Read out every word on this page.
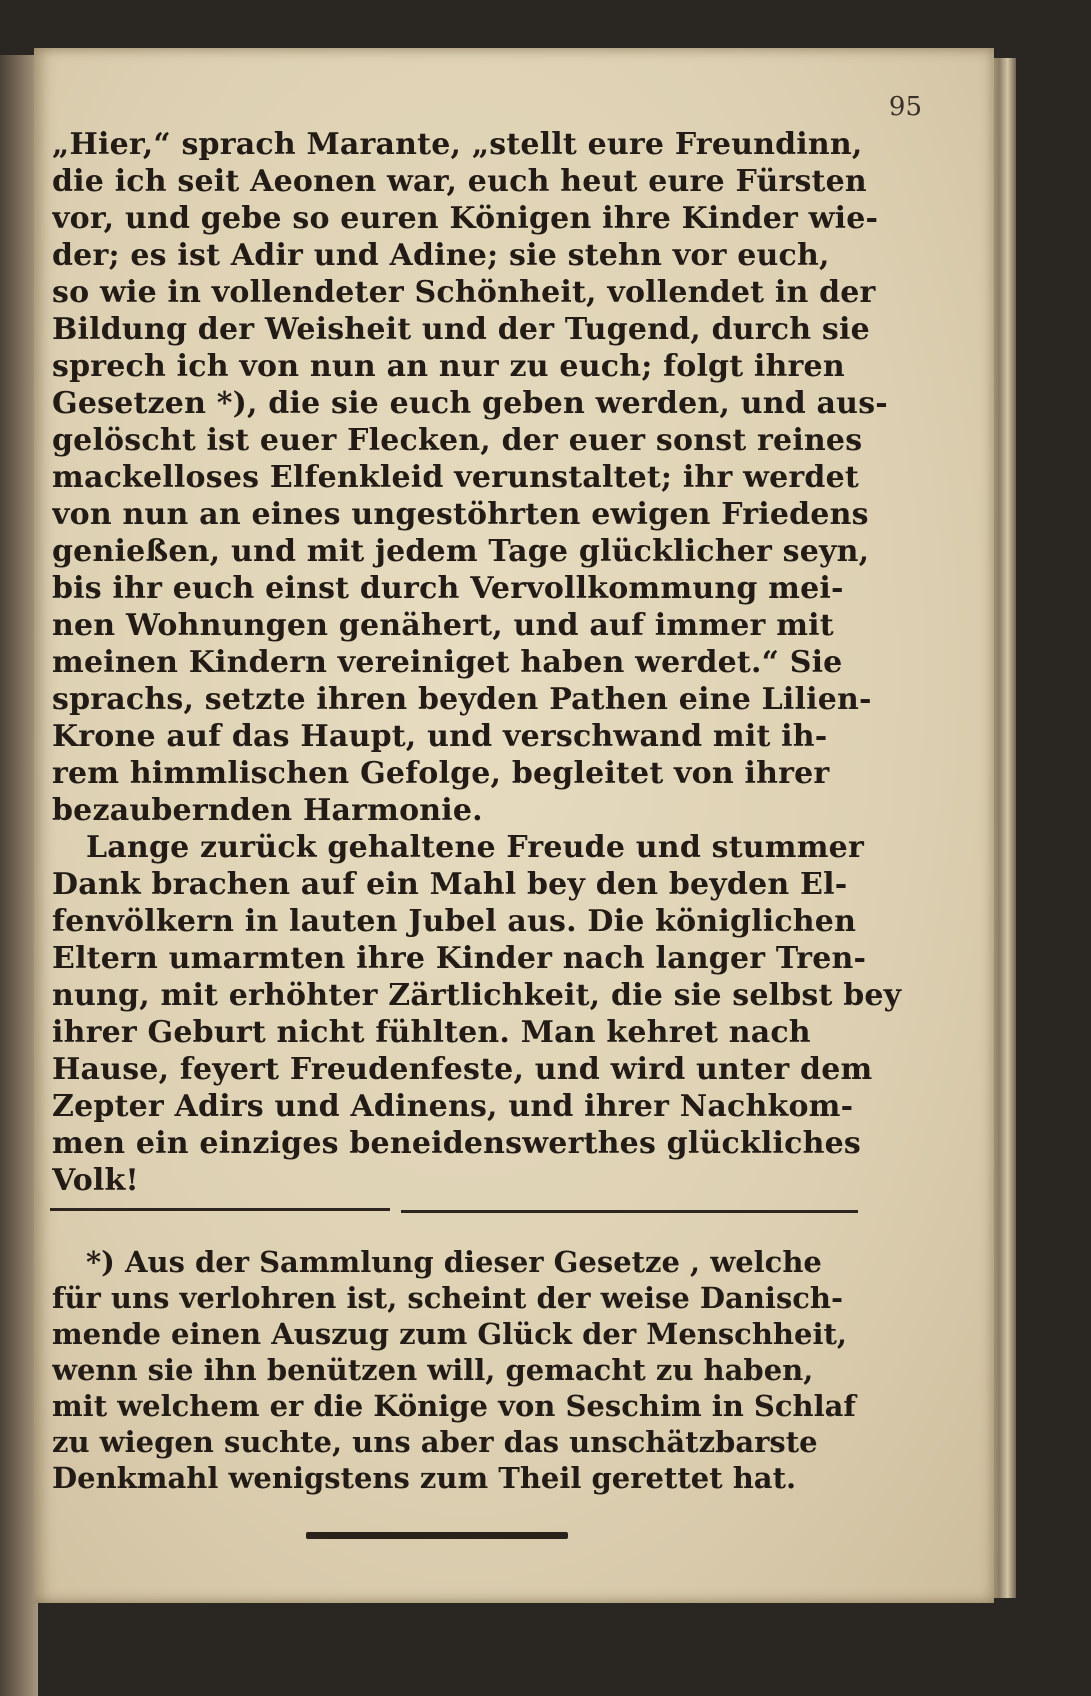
95
„Hier,“ sprach Marante, „stellt eure Freundinn,
die ich seit Aeonen war, euch heut eure Fürsten
vor, und gebe so euren Königen ihre Kinder wie-
der; es ist Adir und Adine; sie stehn vor euch,
so wie in vollendeter Schönheit, vollendet in der
Bildung der Weisheit und der Tugend, durch sie
sprech ich von nun an nur zu euch; folgt ihren
Gesetzen *), die sie euch geben werden, und aus-
gelöscht ist euer Flecken, der euer sonst reines
mackelloses Elfenkleid verunstaltet; ihr werdet
von nun an eines ungestöhrten ewigen Friedens
genießen, und mit jedem Tage glücklicher seyn,
bis ihr euch einst durch Vervollkommung mei-
nen Wohnungen genähert, und auf immer mit
meinen Kindern vereiniget haben werdet.“ Sie
sprachs, setzte ihren beyden Pathen eine Lilien-
Krone auf das Haupt, und verschwand mit ih-
rem himmlischen Gefolge, begleitet von ihrer
bezaubernden Harmonie.
Lange zurück gehaltene Freude und stummer
Dank brachen auf ein Mahl bey den beyden El-
fenvölkern in lauten Jubel aus. Die königlichen
Eltern umarmten ihre Kinder nach langer Tren-
nung, mit erhöhter Zärtlichkeit, die sie selbst bey
ihrer Geburt nicht fühlten. Man kehret nach
Hause, feyert Freudenfeste, und wird unter dem
Zepter Adirs und Adinens, und ihrer Nachkom-
men ein einziges beneidenswerthes glückliches
Volk!
*) Aus der Sammlung dieser Gesetze , welche
für uns verlohren ist, scheint der weise Danisch-
mende einen Auszug zum Glück der Menschheit,
wenn sie ihn benützen will, gemacht zu haben,
mit welchem er die Könige von Seschim in Schlaf
zu wiegen suchte, uns aber das unschätzbarste
Denkmahl wenigstens zum Theil gerettet hat.
